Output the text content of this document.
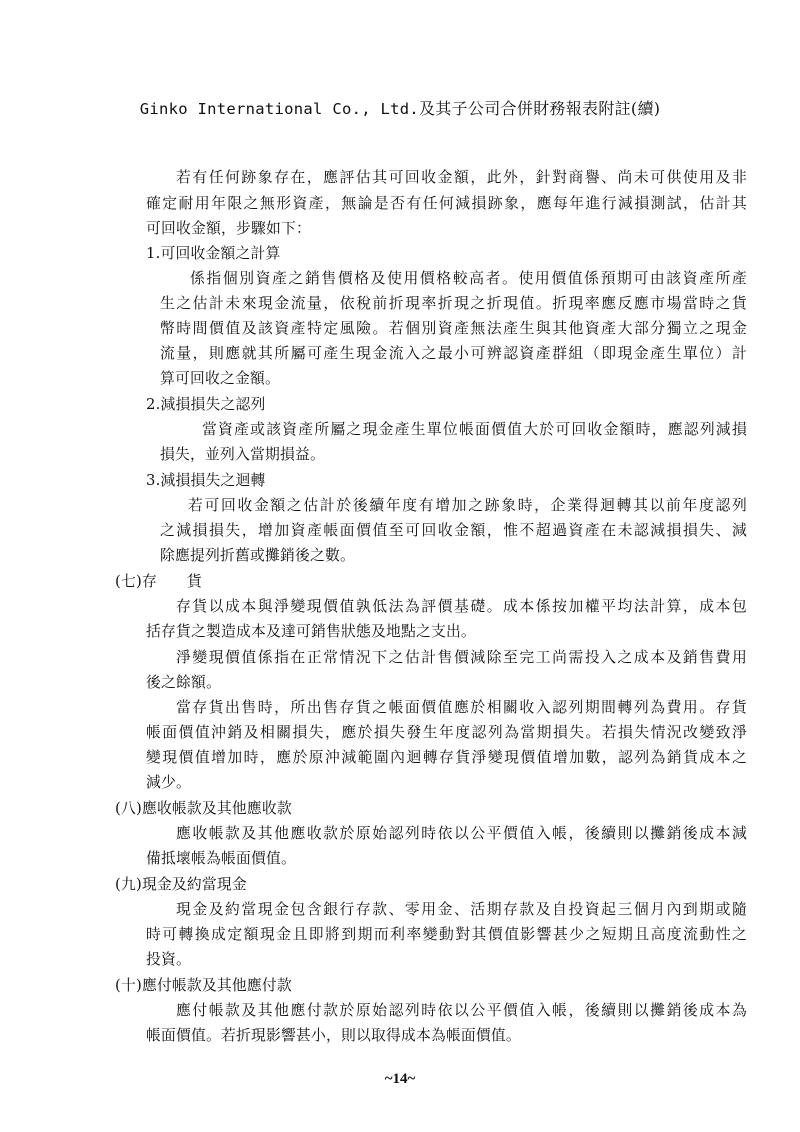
Ginko International Co., Ltd.及其子公司合併財務報表附註(續)
若有任何跡象存在，應評估其可回收金額，此外，針對商譽、尚未可供使用及非
確定耐用年限之無形資產，無論是否有任何減損跡象，應每年進行減損測試，估計其
可回收金額，步驟如下：
1.可回收金額之計算
係指個別資產之銷售價格及使用價格較高者。使用價值係預期可由該資產所產
生之估計未來現金流量，依稅前折現率折現之折現值。折現率應反應市場當時之貨
幣時間價值及該資產特定風險。若個別資產無法產生與其他資產大部分獨立之現金
流量，則應就其所屬可產生現金流入之最小可辨認資產群組（即現金產生單位）計
算可回收之金額。
2.減損損失之認列
當資產或該資產所屬之現金產生單位帳面價值大於可回收金額時，應認列減損
損失，並列入當期損益。
3.減損損失之迴轉
若可回收金額之估計於後續年度有增加之跡象時，企業得迴轉其以前年度認列
之減損損失，增加資產帳面價值至可回收金額，惟不超過資產在未認減損損失、減
除應提列折舊或攤銷後之數。
(七)存 貨
存貨以成本與淨變現價值孰低法為評價基礎。成本係按加權平均法計算，成本包
括存貨之製造成本及達可銷售狀態及地點之支出。
淨變現價值係指在正常情況下之估計售價減除至完工尚需投入之成本及銷售費用
後之餘額。
當存貨出售時，所出售存貨之帳面價值應於相關收入認列期間轉列為費用。存貨
帳面價值沖銷及相關損失，應於損失發生年度認列為當期損失。若損失情況改變致淨
變現價值增加時，應於原沖減範圍內迴轉存貨淨變現價值增加數，認列為銷貨成本之
減少。
(八)應收帳款及其他應收款
應收帳款及其他應收款於原始認列時依以公平價值入帳，後續則以攤銷後成本減
備抵壞帳為帳面價值。
(九)現金及約當現金
現金及約當現金包含銀行存款、零用金、活期存款及自投資起三個月內到期或隨
時可轉換成定額現金且即將到期而利率變動對其價值影響甚少之短期且高度流動性之
投資。
(十)應付帳款及其他應付款
應付帳款及其他應付款於原始認列時依以公平價值入帳，後續則以攤銷後成本為
帳面價值。若折現影響甚小，則以取得成本為帳面價值。
~14~
